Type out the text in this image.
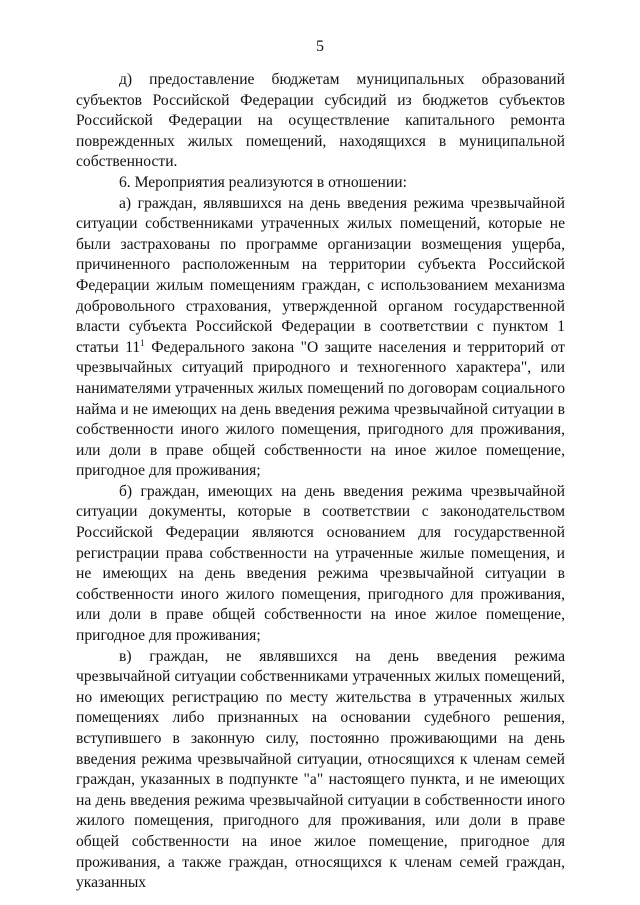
5

д) предоставление бюджетам муниципальных образований субъектов Российской Федерации субсидий из бюджетов субъектов Российской Федерации на осуществление капитального ремонта поврежденных жилых помещений, находящихся в муниципальной собственности.

6. Мероприятия реализуются в отношении:

а) граждан, являвшихся на день введения режима чрезвычайной ситуации собственниками утраченных жилых помещений, которые не были застрахованы по программе организации возмещения ущерба, причиненного расположенным на территории субъекта Российской Федерации жилым помещениям граждан, с использованием механизма добровольного страхования, утвержденной органом государственной власти субъекта Российской Федерации в соответствии с пунктом 1 статьи 11$^1$ Федерального закона "О защите населения и территорий от чрезвычайных ситуаций природного и техногенного характера", или нанимателями утраченных жилых помещений по договорам социального найма и не имеющих на день введения режима чрезвычайной ситуации в собственности иного жилого помещения, пригодного для проживания, или доли в праве общей собственности на иное жилое помещение, пригодное для проживания;

б) граждан, имеющих на день введения режима чрезвычайной ситуации документы, которые в соответствии с законодательством Российской Федерации являются основанием для государственной регистрации права собственности на утраченные жилые помещения, и не имеющих на день введения режима чрезвычайной ситуации в собственности иного жилого помещения, пригодного для проживания, или доли в праве общей собственности на иное жилое помещение, пригодное для проживания;

в) граждан, не являвшихся на день введения режима чрезвычайной ситуации собственниками утраченных жилых помещений, но имеющих регистрацию по месту жительства в утраченных жилых помещениях либо признанных на основании судебного решения, вступившего в законную силу, постоянно проживающими на день введения режима чрезвычайной ситуации, относящихся к членам семей граждан, указанных в подпункте "а" настоящего пункта, и не имеющих на день введения режима чрезвычайной ситуации в собственности иного жилого помещения, пригодного для проживания, или доли в праве общей собственности на иное жилое помещение, пригодное для проживания, а также граждан, относящихся к членам семей граждан, указанных
